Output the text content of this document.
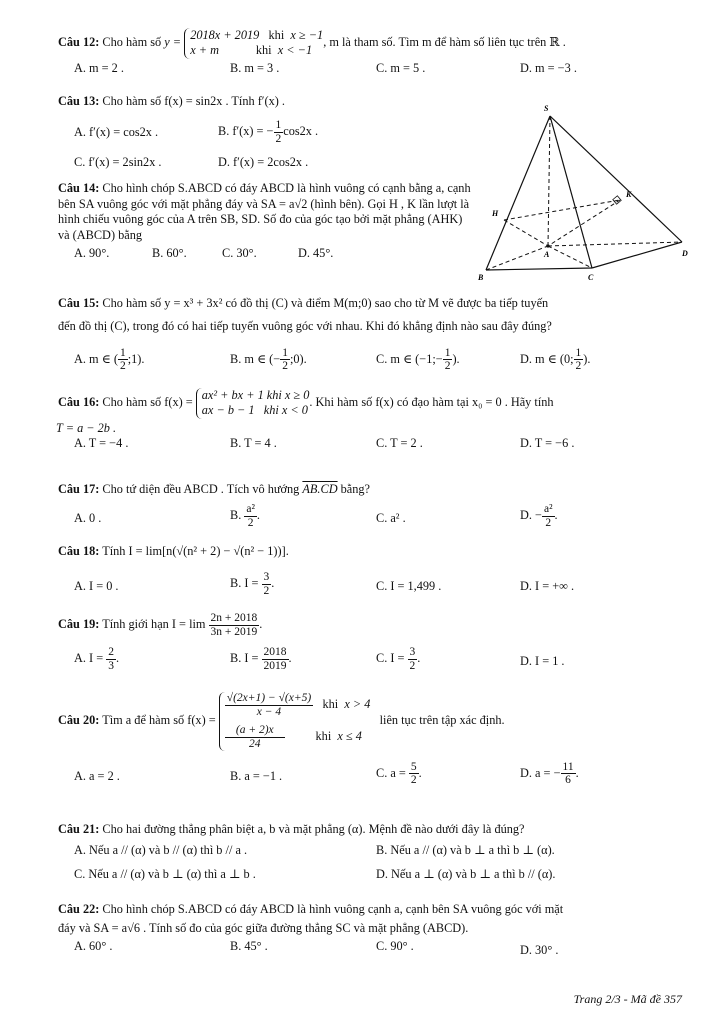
Câu 12: Cho hàm số y =
2018x + 2019 khi x ≥ −1
x + m	khi x < −1
, m là tham số. Tìm m để hàm số liên tục trên ℝ .
A. m = 2 .	B. m = 3 .	C. m = 5 .	D. m = −3 .
Câu 13: Cho hàm số f(x) = sin2x . Tính f′(x) .
A. f′(x) = cos2x .	B. f′(x) = − $\frac{1}{2} \cos 2x$ .
C. f′(x) = 2sin2x .	D. f′(x) = 2cos2x .
Câu 14: Cho hình chóp S.ABCD có đáy ABCD là hình vuông có cạnh bằng a, cạnh bên SA vuông góc với mặt phẳng đáy và SA = a√2 (hình bên). Gọi H , K lần lượt là hình chiếu vuông góc của A trên SB, SD. Số đo của góc tạo bởi mặt phẳng (AHK) và (ABCD) bằng
A. 90°.	B. 60°.	C. 30°.	D. 45°.
S
H
K
A
B	C
D
Câu 15: Cho hàm số y = x³ + 3x² có đồ thị (C) và điểm M(m;0) sao cho từ M vẽ được ba tiếp tuyến
đến đồ thị (C), trong đó có hai tiếp tuyến vuông góc với nhau. Khi đó khẳng định nào sau đây đúng?
A. m ∈ ( $\frac{1}{2}$ ;1).	B. m ∈ (− $\frac{1}{2}$ ;0).	C. m ∈ (−1;− $\frac{1}{2}$ ).	D. m ∈ (0; $\frac{1}{2}$ ).
Câu 16: Cho hàm số f(x) =
ax² + bx + 1 khi x ≥ 0
ax − b − 1   khi x < 0
. Khi hàm số f(x) có đạo hàm tại x₀ = 0 . Hãy tính
T = a − 2b .
A. T = −4 .	B. T = 4 .	C. T = 2 .	D. T = −6 .
Câu 17: Cho tứ diện đều ABCD . Tích vô hướng AB.CD bằng?
A. 0 .	B. $\frac{\text{a²}}{2}$ .	C. a² .	D. − $\frac{\text{a²}}{2}$ .
Câu 18: Tính I = lim[n(√(n² + 2) − √(n² − 1))].
A. I = 0 .	B. $I = \frac{3}{2}$ .	C. I = 1,499 .	D. I = +∞ .
Câu 19: Tính giới hạn $I = \lim \frac{2n + 2018}{3n + 2019}$ .
A. $I = \frac{2}{3}$ .	B. $I = \frac{2018}{2019}$ .	C. $I = \frac{3}{2}$ .	D. I = 1 .
Câu 20: Tìm a để hàm số f(x) =
$\frac{√(2x+1) - √(x+5)}{x - 4}$ khi x > 4
$\frac{(a + 2)x}{24}$	khi x ≤ 4
liên tục trên tập xác định.
A. a = 2 .	B. a = −1 .	C. $a = \frac{5}{2}$ .	D. a = − $\frac{11}{6}$ .
Câu 21: Cho hai đường thẳng phân biệt a, b và mặt phẳng (α). Mệnh đề nào dưới đây là đúng?
A. Nếu a // (α) và b // (α) thì b // a .	B. Nếu a // (α) và b ⊥ a thì b ⊥ (α).
C. Nếu a // (α) và b ⊥ (α) thì a ⊥ b .	D. Nếu a ⊥ (α) và b ⊥ a thì b // (α).
Câu 22: Cho hình chóp S.ABCD có đáy ABCD là hình vuông cạnh a, cạnh bên SA vuông góc với mặt
đáy và SA = a√6 . Tính số đo của góc giữa đường thẳng SC và mặt phẳng (ABCD).
A. 60° .	B. 45° .	C. 90° .	D. 30° .
Trang 2/3 - Mã đề 357
